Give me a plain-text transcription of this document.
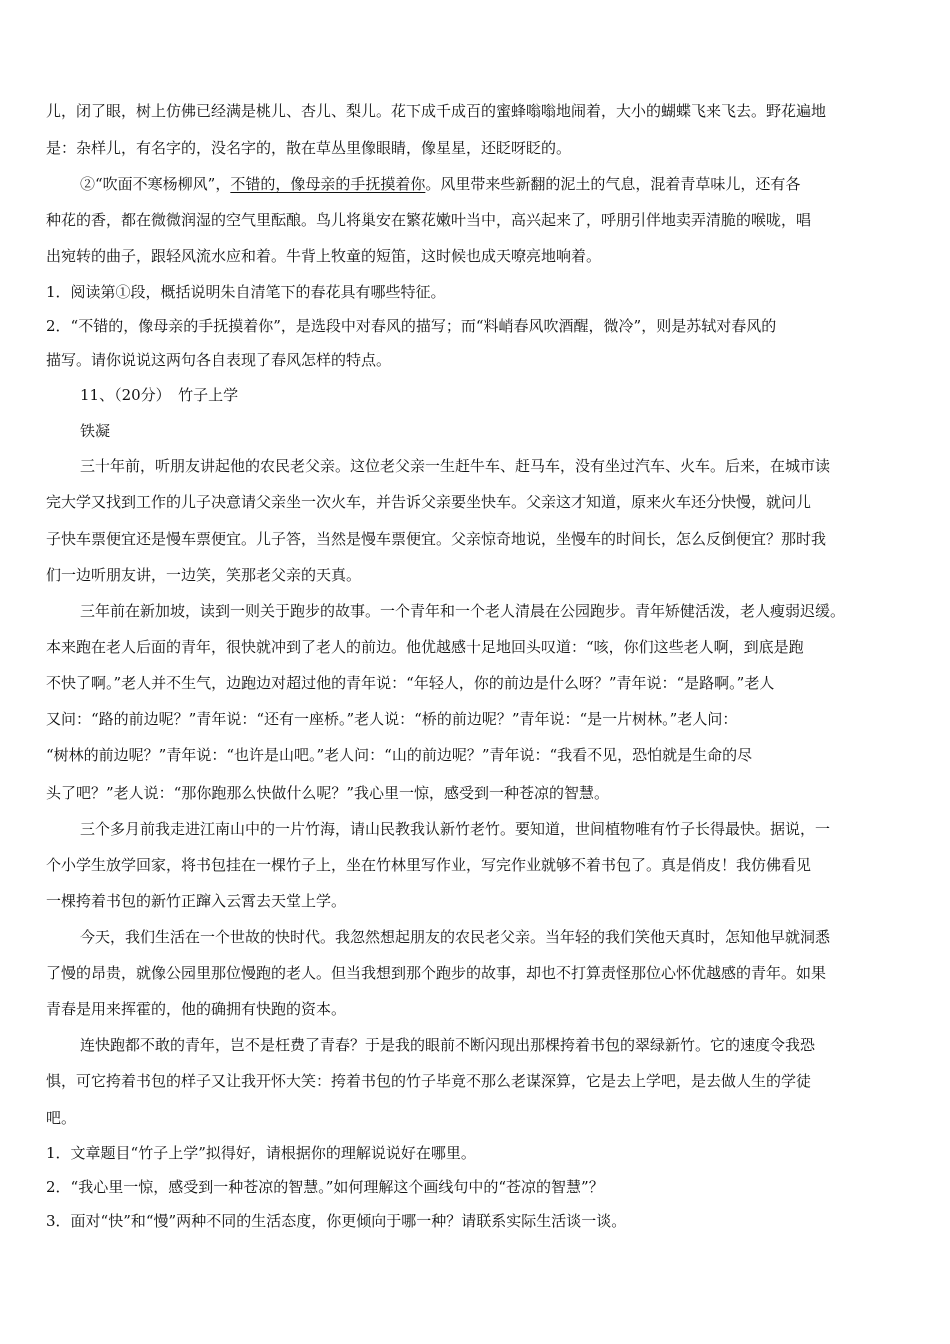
儿，闭了眼，树上仿佛已经满是桃儿、杏儿、梨儿。花下成千成百的蜜蜂嗡嗡地闹着，大小的蝴蝶飞来飞去。野花遍地
是：杂样儿，有名字的，没名字的，散在草丛里像眼睛，像星星，还眨呀眨的。
②“吹面不寒杨柳风”，不错的，像母亲的手抚摸着你。风里带来些新翻的泥土的气息，混着青草味儿，还有各
种花的香，都在微微润湿的空气里酝酿。鸟儿将巢安在繁花嫩叶当中，高兴起来了，呼朋引伴地卖弄清脆的喉咙，唱
出宛转的曲子，跟轻风流水应和着。牛背上牧童的短笛，这时候也成天嘹亮地响着。
1．阅读第①段，概括说明朱自清笔下的春花具有哪些特征。
2．“不错的，像母亲的手抚摸着你”，是选段中对春风的描写；而“料峭春风吹酒醒，微冷”，则是苏轼对春风的
描写。请你说说这两句各自表现了春风怎样的特点。
11、（20分）　竹子上学
铁凝
三十年前，听朋友讲起他的农民老父亲。这位老父亲一生赶牛车、赶马车，没有坐过汽车、火车。后来，在城市读
完大学又找到工作的儿子决意请父亲坐一次火车，并告诉父亲要坐快车。父亲这才知道，原来火车还分快慢，就问儿
子快车票便宜还是慢车票便宜。儿子答，当然是慢车票便宜。父亲惊奇地说，坐慢车的时间长，怎么反倒便宜？那时我
们一边听朋友讲，一边笑，笑那老父亲的天真。
三年前在新加坡，读到一则关于跑步的故事。一个青年和一个老人清晨在公园跑步。青年矫健活泼，老人瘦弱迟缓。
本来跑在老人后面的青年，很快就冲到了老人的前边。他优越感十足地回头叹道：“咳，你们这些老人啊，到底是跑
不快了啊。”老人并不生气，边跑边对超过他的青年说：“年轻人，你的前边是什么呀？”青年说：“是路啊。”老人
又问：“路的前边呢？”青年说：“还有一座桥。”老人说：“桥的前边呢？”青年说：“是一片树林。”老人问：
“树林的前边呢？”青年说：“也许是山吧。”老人问：“山的前边呢？”青年说：“我看不见，恐怕就是生命的尽
头了吧？”老人说：“那你跑那么快做什么呢？”我心里一惊，感受到一种苍凉的智慧。
三个多月前我走进江南山中的一片竹海，请山民教我认新竹老竹。要知道，世间植物唯有竹子长得最快。据说，一
个小学生放学回家，将书包挂在一棵竹子上，坐在竹林里写作业，写完作业就够不着书包了。真是俏皮！我仿佛看见
一棵挎着书包的新竹正蹿入云霄去天堂上学。
今天，我们生活在一个世故的快时代。我忽然想起朋友的农民老父亲。当年轻的我们笑他天真时，怎知他早就洞悉
了慢的昂贵，就像公园里那位慢跑的老人。但当我想到那个跑步的故事，却也不打算责怪那位心怀优越感的青年。如果
青春是用来挥霍的，他的确拥有快跑的资本。
连快跑都不敢的青年，岂不是枉费了青春？于是我的眼前不断闪现出那棵挎着书包的翠绿新竹。它的速度令我恐
惧，可它挎着书包的样子又让我开怀大笑：挎着书包的竹子毕竟不那么老谋深算，它是去上学吧，是去做人生的学徒
吧。
1．文章题目“竹子上学”拟得好，请根据你的理解说说好在哪里。
2．“我心里一惊，感受到一种苍凉的智慧。”如何理解这个画线句中的“苍凉的智慧”？
3．面对“快”和“慢”两种不同的生活态度，你更倾向于哪一种？请联系实际生活谈一谈。
